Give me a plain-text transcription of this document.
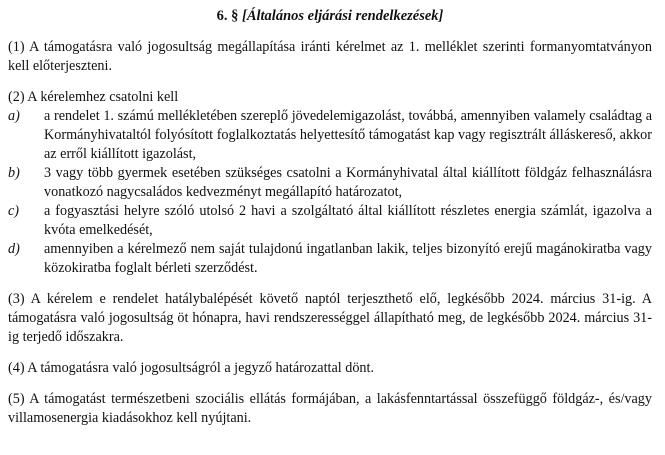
6. § [Általános eljárási rendelkezések]
(1) A támogatásra való jogosultság megállapítása iránti kérelmet az 1. melléklet szerinti formanyomtatványon kell előterjeszteni.
(2) A kérelemhez csatolni kell
a)	a rendelet 1. számú mellékletében szereplő jövedelemigazolást, továbbá, amennyiben valamely családtag a Kormányhivataltól folyósított foglalkoztatás helyettesítő támogatást kap vagy regisztrált álláskereső, akkor az erről kiállított igazolást,
b)	3 vagy több gyermek esetében szükséges csatolni a Kormányhivatal által kiállított földgáz felhasználásra vonatkozó nagycsaládos kedvezményt megállapító határozatot,
c)	a fogyasztási helyre szóló utolsó 2 havi a szolgáltató által kiállított részletes energia számlát, igazolva a kvóta emelkedését,
d)	amennyiben a kérelmező nem saját tulajdonú ingatlanban lakik, teljes bizonyító erejű magánokiratba vagy közokiratba foglalt bérleti szerződést.
(3) A kérelem e rendelet hatálybalépését követő naptól terjeszthető elő, legkésőbb 2024. március 31-ig. A támogatásra való jogosultság öt hónapra, havi rendszerességgel állapítható meg, de legkésőbb 2024. március 31-ig terjedő időszakra.
(4) A támogatásra való jogosultságról a jegyző határozattal dönt.
(5) A támogatást természetbeni szociális ellátás formájában, a lakásfenntartással összefüggő földgáz-, és/vagy villamosenergia kiadásokhoz kell nyújtani.
